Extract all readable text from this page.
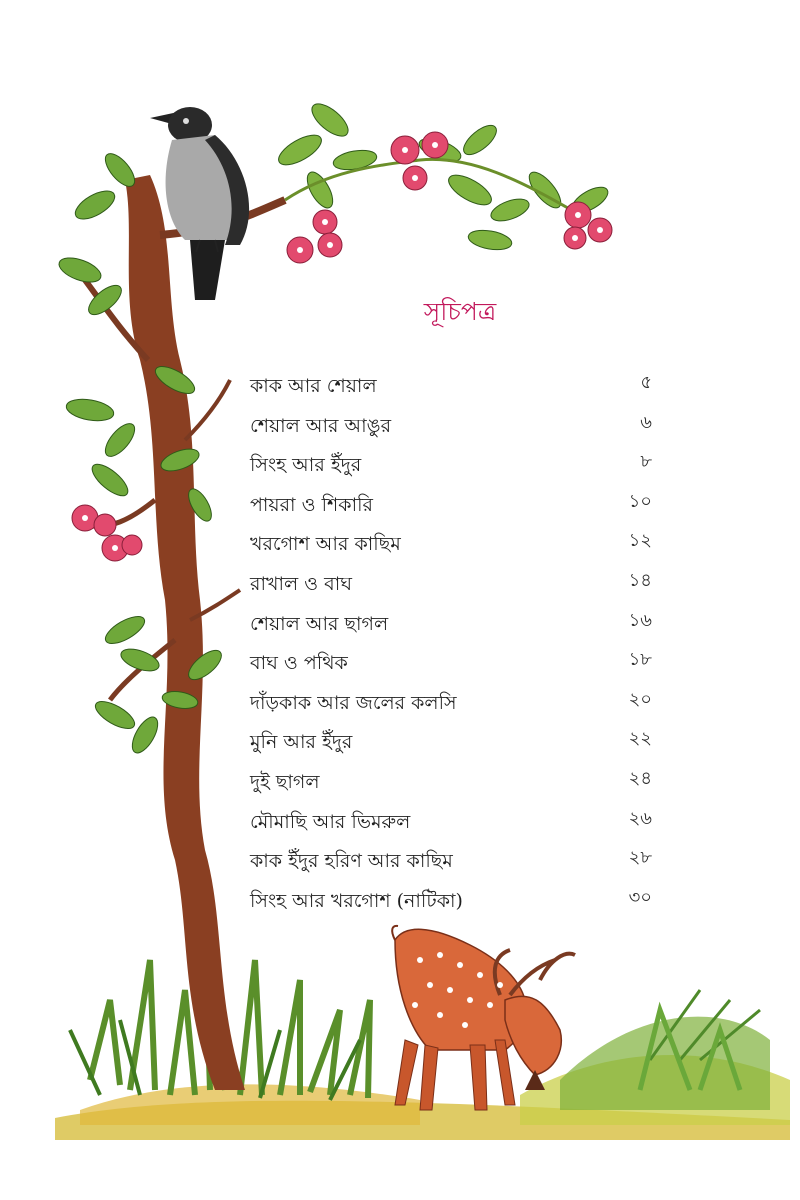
সূচিপত্র
কাক আর শেয়াল	৫
শেয়াল আর আঙুর	৬
সিংহ আর ইঁদুর	৮
পায়রা ও শিকারি	১০
খরগোশ আর কাছিম	১২
রাখাল ও বাঘ	১৪
শেয়াল আর ছাগল	১৬
বাঘ ও পথিক	১৮
দাঁড়কাক আর জলের কলসি	২০
মুনি আর ইঁদুর	২২
দুই ছাগল	২৪
মৌমাছি আর ভিমরুল	২৬
কাক ইঁদুর হরিণ আর কাছিম	২৮
সিংহ আর খরগোশ (নাটিকা)	৩০
